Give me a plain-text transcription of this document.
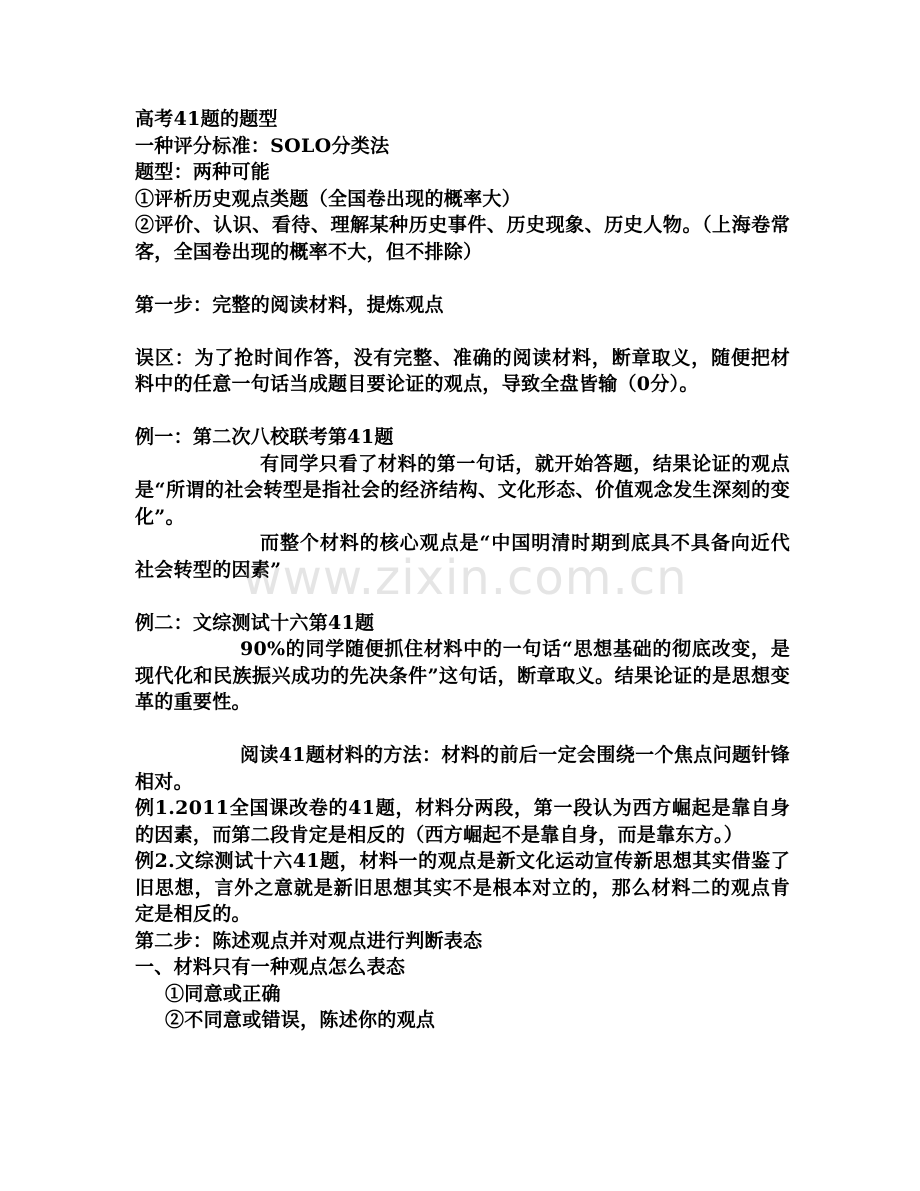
高考41题的题型
一种评分标准：SOLO分类法
题型：两种可能
①评析历史观点类题（全国卷出现的概率大）
②评价、认识、看待、理解某种历史事件、历史现象、历史人物。（上海卷常客，全国卷出现的概率不大，但不排除）
第一步：完整的阅读材料，提炼观点
误区：为了抢时间作答，没有完整、准确的阅读材料，断章取义，随便把材料中的任意一句话当成题目要论证的观点，导致全盘皆输（0分）。
例一：第二次八校联考第41题
有同学只看了材料的第一句话，就开始答题，结果论证的观点是“所谓的社会转型是指社会的经济结构、文化形态、价值观念发生深刻的变化”。
而整个材料的核心观点是“中国明清时期到底具不具备向近代社会转型的因素”
例二：文综测试十六第41题
90%的同学随便抓住材料中的一句话“思想基础的彻底改变，是现代化和民族振兴成功的先决条件”这句话，断章取义。结果论证的是思想变革的重要性。
阅读41题材料的方法：材料的前后一定会围绕一个焦点问题针锋相对。
例1.2011全国课改卷的41题，材料分两段，第一段认为西方崛起是靠自身的因素，而第二段肯定是相反的（西方崛起不是靠自身，而是靠东方。）
例2.文综测试十六41题，材料一的观点是新文化运动宣传新思想其实借鉴了旧思想，言外之意就是新旧思想其实不是根本对立的，那么材料二的观点肯定是相反的。
第二步：陈述观点并对观点进行判断表态
一、材料只有一种观点怎么表态
①同意或正确
②不同意或错误，陈述你的观点
www.zixin.com.cn
